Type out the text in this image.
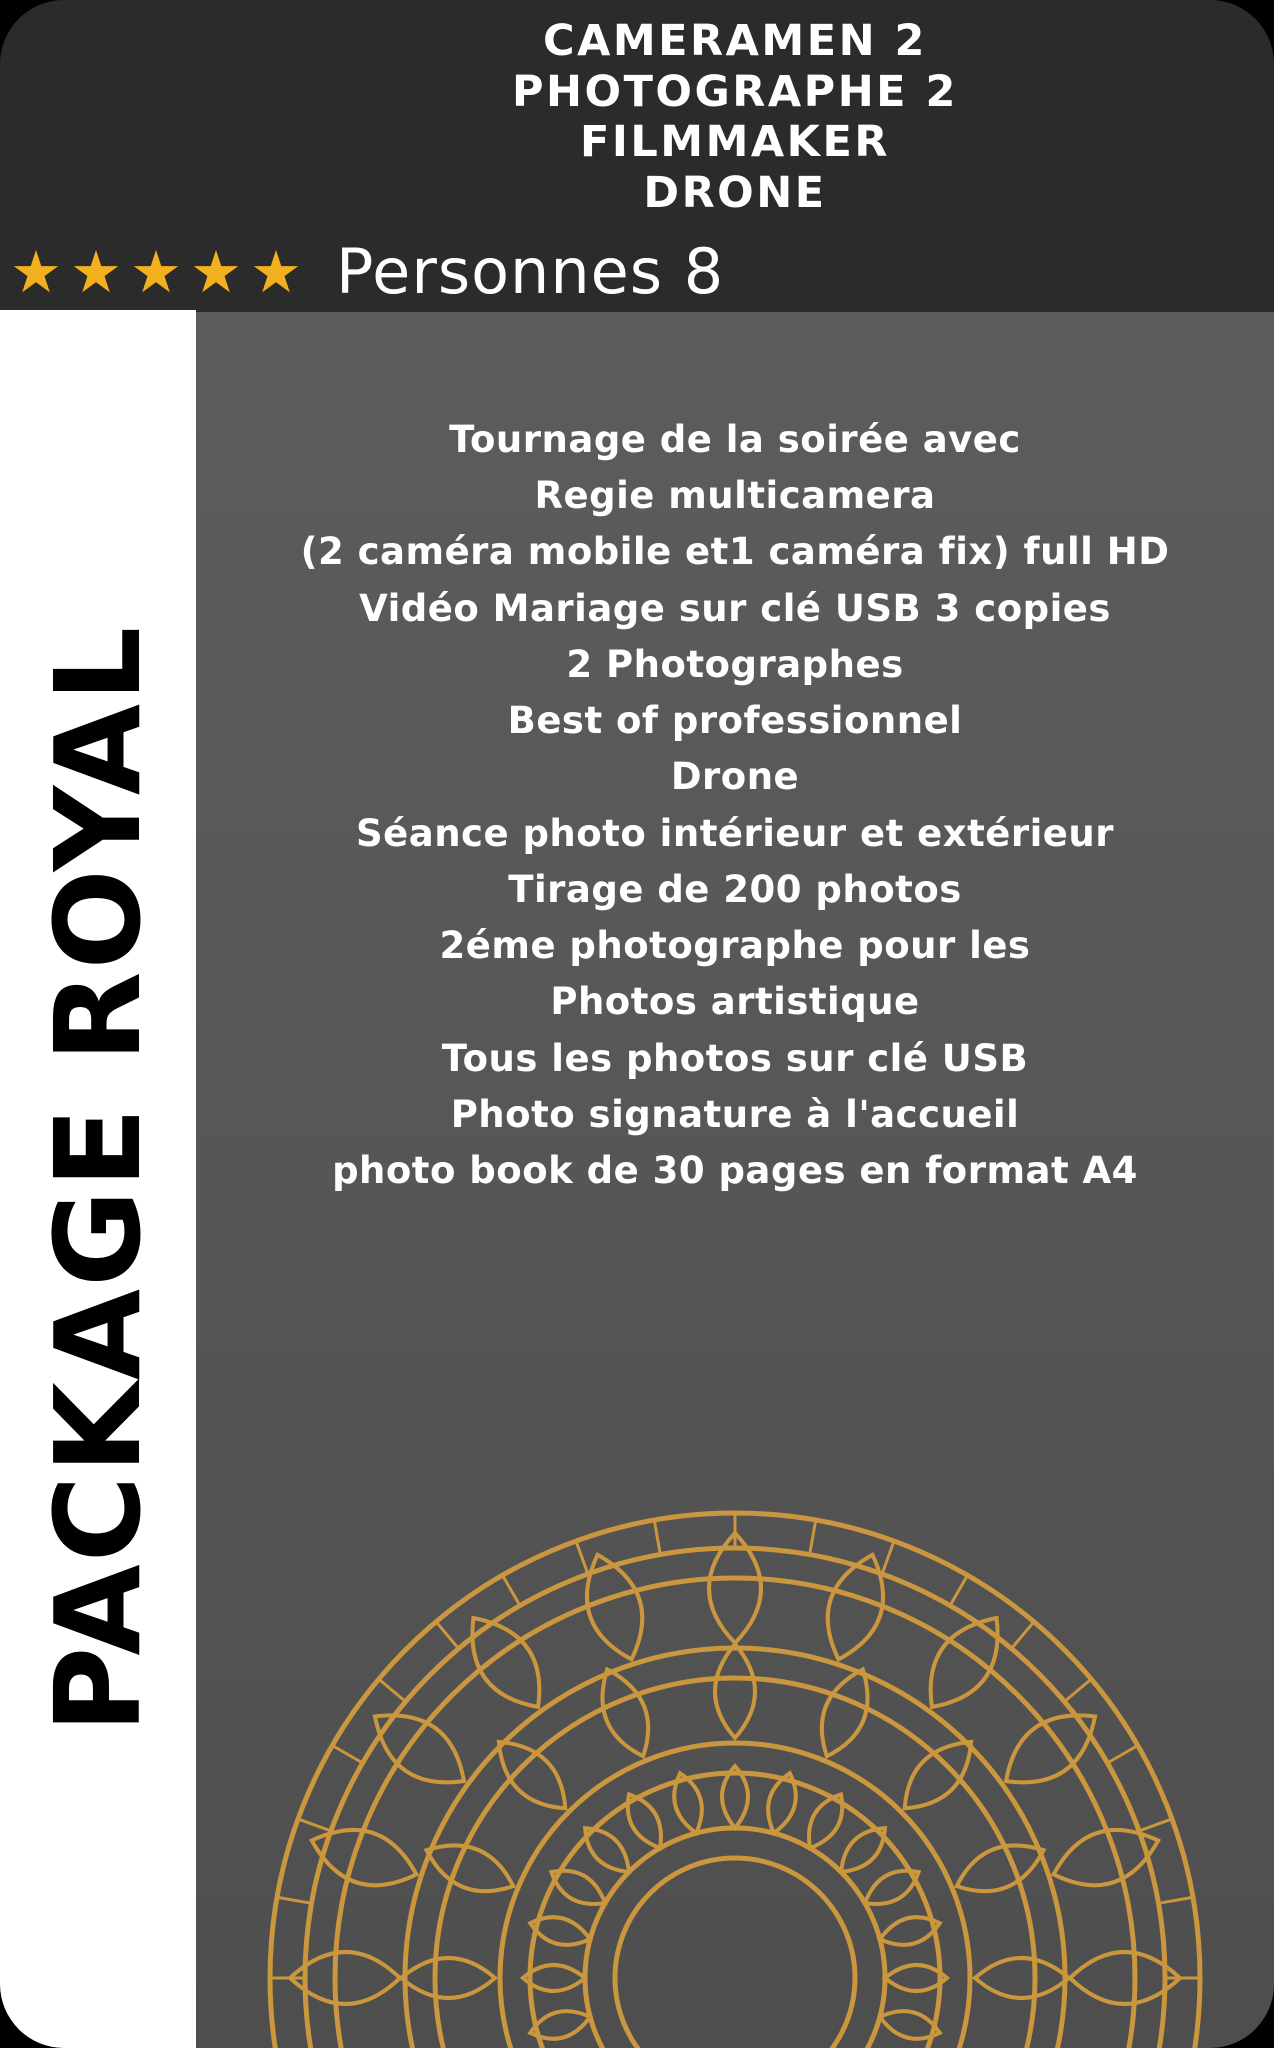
CAMERAMEN 2
PHOTOGRAPHE 2
FILMMAKER
DRONE
★ ★ ★ ★ ★ Personnes 8
PACKAGE ROYAL
Tournage de la soirée avec
Regie multicamera
(2 caméra mobile et1 caméra fix) full HD
Vidéo Mariage sur clé USB 3 copies
2 Photographes
Best of professionnel
Drone
Séance photo intérieur et extérieur
Tirage de 200 photos
2éme photographe pour les
Photos artistique
Tous les photos sur clé USB
Photo signature à l'accueil
photo book de 30 pages en format A4
